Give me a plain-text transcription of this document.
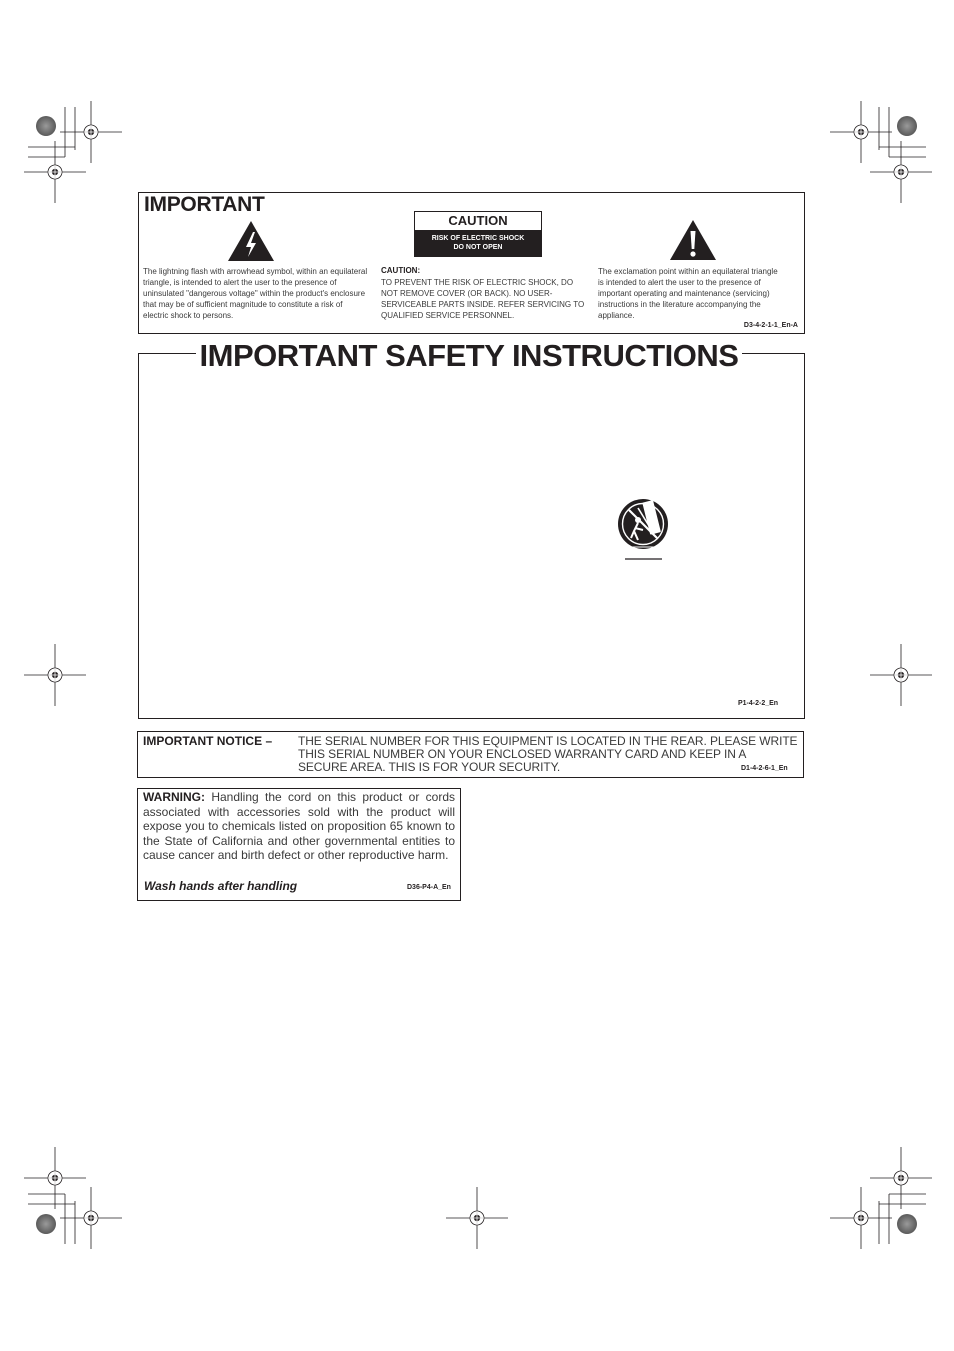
IMPORTANT
The lightning flash with arrowhead symbol, within an equilateral triangle, is intended to alert the user to the presence of uninsulated "dangerous voltage" within the product's enclosure that may be of sufficient magnitude to constitute a risk of electric shock to persons.
CAUTION
RISK OF ELECTRIC SHOCK
DO NOT OPEN
CAUTION:
TO PREVENT THE RISK OF ELECTRIC SHOCK, DO NOT REMOVE COVER (OR BACK). NO USER-SERVICEABLE PARTS INSIDE. REFER SERVICING TO QUALIFIED SERVICE PERSONNEL.
The exclamation point within an equilateral triangle is intended to alert the user to the presence of important operating and maintenance (servicing) instructions in the literature accompanying the appliance.
D3-4-2-1-1_En-A
IMPORTANT SAFETY INSTRUCTIONS
P1-4-2-2_En
IMPORTANT NOTICE – THE SERIAL NUMBER FOR THIS EQUIPMENT IS LOCATED IN THE REAR. PLEASE WRITE THIS SERIAL NUMBER ON YOUR ENCLOSED WARRANTY CARD AND KEEP IN A SECURE AREA. THIS IS FOR YOUR SECURITY.	D1-4-2-6-1_En
WARNING: Handling the cord on this product or cords associated with accessories sold with the product will expose you to chemicals listed on proposition 65 known to the State of California and other governmental entities to cause cancer and birth defect or other reproductive harm.
Wash hands after handling	D36-P4-A_En
